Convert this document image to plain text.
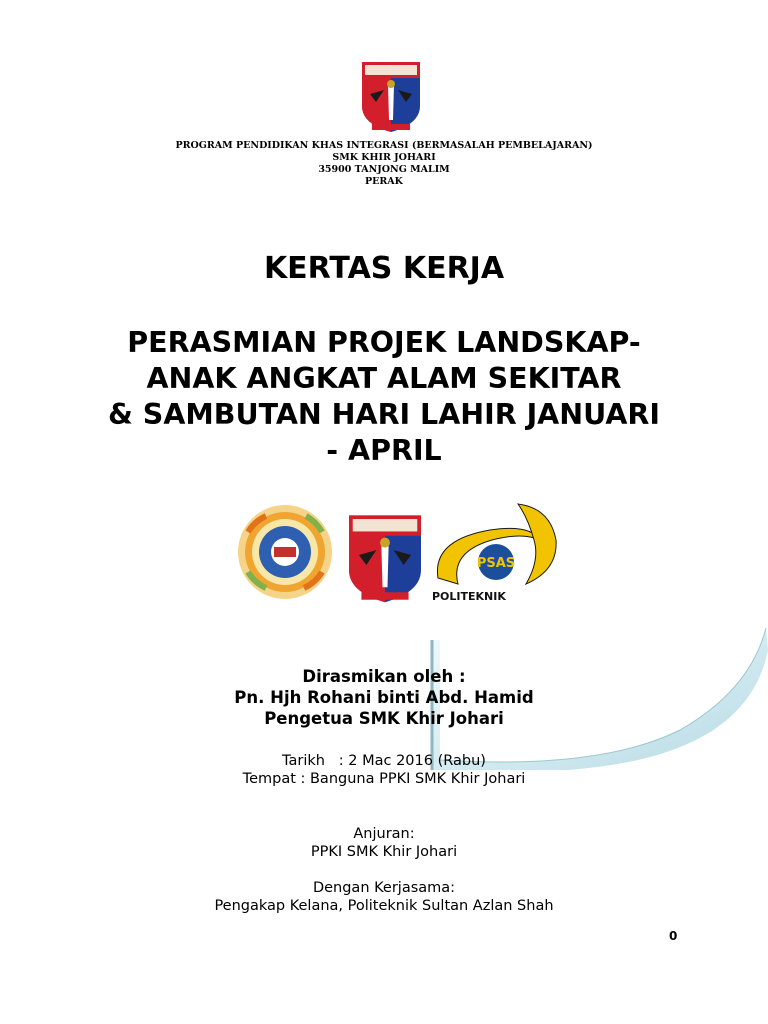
PROGRAM PENDIDIKAN KHAS INTEGRASI (BERMASALAH PEMBELAJARAN)
SMK KHIR JOHARI
35900 TANJONG MALIM
PERAK
KERTAS KERJA
PERASMIAN PROJEK LANDSKAP-
ANAK ANGKAT ALAM SEKITAR
& SAMBUTAN HARI LAHIR JANUARI
- APRIL
PSAS
POLITEKNIK
Dirasmikan oleh :
Pn. Hjh Rohani binti Abd. Hamid
Pengetua SMK Khir Johari
Tarikh   : 2 Mac 2016 (Rabu)
Tempat : Banguna PPKI SMK Khir Johari
Anjuran:
PPKI SMK Khir Johari
Dengan Kerjasama:
Pengakap Kelana, Politeknik Sultan Azlan Shah
0
